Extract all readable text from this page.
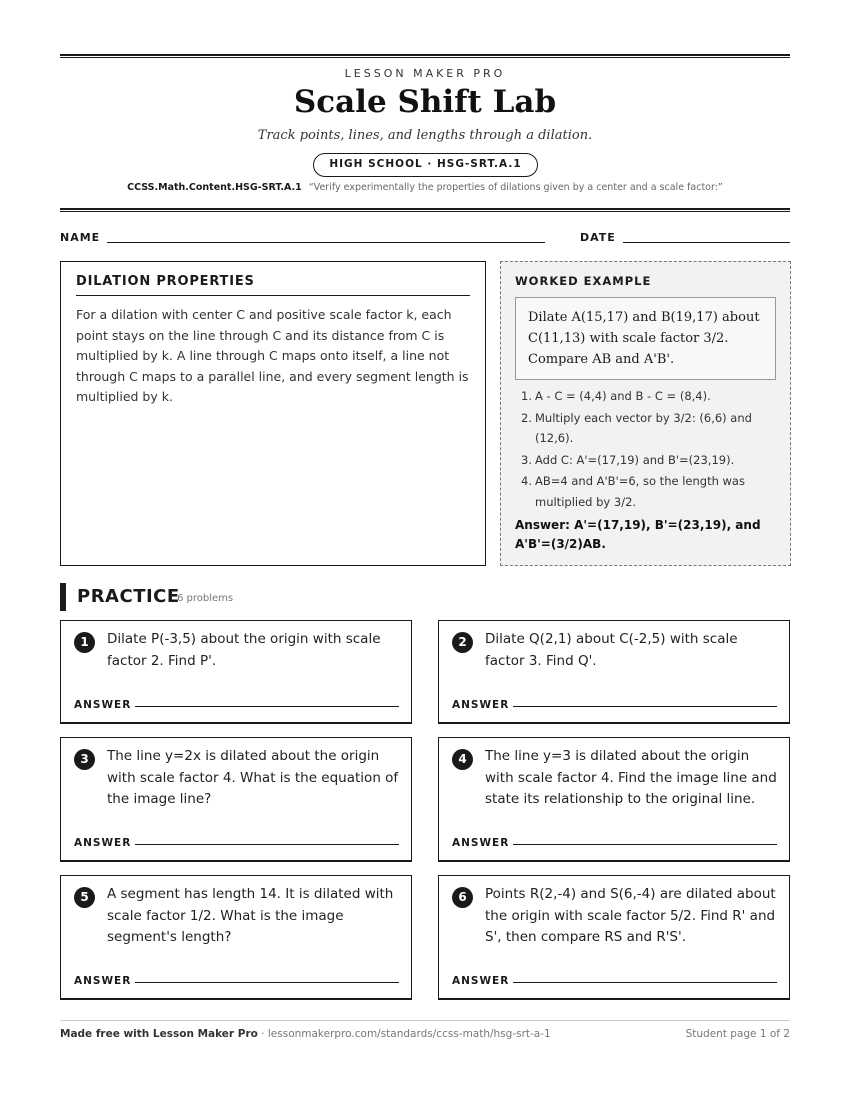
LESSON MAKER PRO
Scale Shift Lab
Track points, lines, and lengths through a dilation.
HIGH SCHOOL · HSG-SRT.A.1
CCSS.Math.Content.HSG-SRT.A.1 “Verify experimentally the properties of dilations given by a center and a scale factor:”
NAME	DATE
DILATION PROPERTIES
For a dilation with center C and positive scale factor k, each point stays on the line through C and its distance from C is multiplied by k. A line through C maps onto itself, a line not through C maps to a parallel line, and every segment length is multiplied by k.
WORKED EXAMPLE
Dilate A(15,17) and B(19,17) about C(11,13) with scale factor 3/2. Compare AB and A'B'.
1. A - C = (4,4) and B - C = (8,4).
2. Multiply each vector by 3/2: (6,6) and (12,6).
3. Add C: A'=(17,19) and B'=(23,19).
4. AB=4 and A'B'=6, so the length was multiplied by 3/2.
Answer: A'=(17,19), B'=(23,19), and A'B'=(3/2)AB.
PRACTICE
6 problems
1	Dilate P(-3,5) about the origin with scale factor 2. Find P'.
ANSWER
2	Dilate Q(2,1) about C(-2,5) with scale factor 3. Find Q'.
ANSWER
3	The line y=2x is dilated about the origin with scale factor 4. What is the equation of the image line?
ANSWER
4	The line y=3 is dilated about the origin with scale factor 4. Find the image line and state its relationship to the original line.
ANSWER
5	A segment has length 14. It is dilated with scale factor 1/2. What is the image segment's length?
ANSWER
6	Points R(2,-4) and S(6,-4) are dilated about the origin with scale factor 5/2. Find R' and S', then compare RS and R'S'.
ANSWER
Made free with Lesson Maker Pro · lessonmakerpro.com/standards/ccss-math/hsg-srt-a-1	Student page 1 of 2
